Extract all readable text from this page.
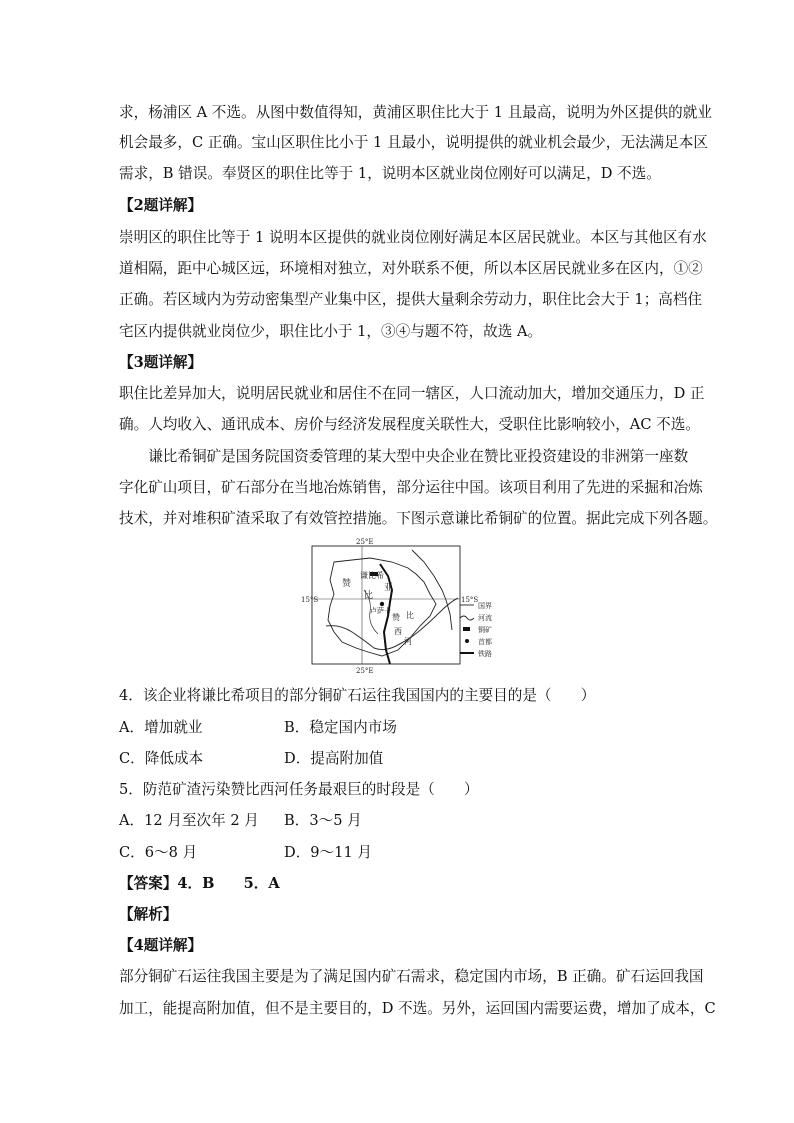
求，杨浦区 A 不选。从图中数值得知，黄浦区职住比大于 1 且最高，说明为外区提供的就业
机会最多，C 正确。宝山区职住比小于 1 且最小，说明提供的就业机会最少，无法满足本区
需求，B 错误。奉贤区的职住比等于 1，说明本区就业岗位刚好可以满足，D 不选。
【2题详解】
崇明区的职住比等于 1 说明本区提供的就业岗位刚好满足本区居民就业。本区与其他区有水
道相隔，距中心城区远，环境相对独立，对外联系不便，所以本区居民就业多在区内，①②
正确。若区域内为劳动密集型产业集中区，提供大量剩余劳动力，职住比会大于 1；高档住
宅区内提供就业岗位少，职住比小于 1，③④与题不符，故选 A。
【3题详解】
职住比差异加大，说明居民就业和居住不在同一辖区，人口流动加大，增加交通压力，D 正
确。人均收入、通讯成本、房价与经济发展程度关联性大，受职住比影响较小，AC 不选。
　　谦比希铜矿是国务院国资委管理的某大型中央企业在赞比亚投资建设的非洲第一座数
字化矿山项目，矿石部分在当地冶炼销售，部分运往中国。该项目利用了先进的采掘和冶炼
技术，并对堆积矿渣采取了有效管控措施。下图示意谦比希铜矿的位置。据此完成下列各题。
25°E
25°E
15°S	15°S
谦比希
赞
比
亚
卢萨卡
赞 比
西
河
国界
河流
铜矿
首都
铁路
4．该企业将谦比希项目的部分铜矿石运往我国国内的主要目的是（　　）
A．增加就业	B．稳定国内市场
C．降低成本	D．提高附加值
5．防范矿渣污染赞比西河任务最艰巨的时段是（　　）
A．12 月至次年 2 月 B．3～5 月
C．6～8 月	D．9～11 月
【答案】4．B　　5．A
【解析】
【4题详解】
部分铜矿石运往我国主要是为了满足国内矿石需求，稳定国内市场，B 正确。矿石运回我国
加工，能提高附加值，但不是主要目的，D 不选。另外，运回国内需要运费，增加了成本，C
